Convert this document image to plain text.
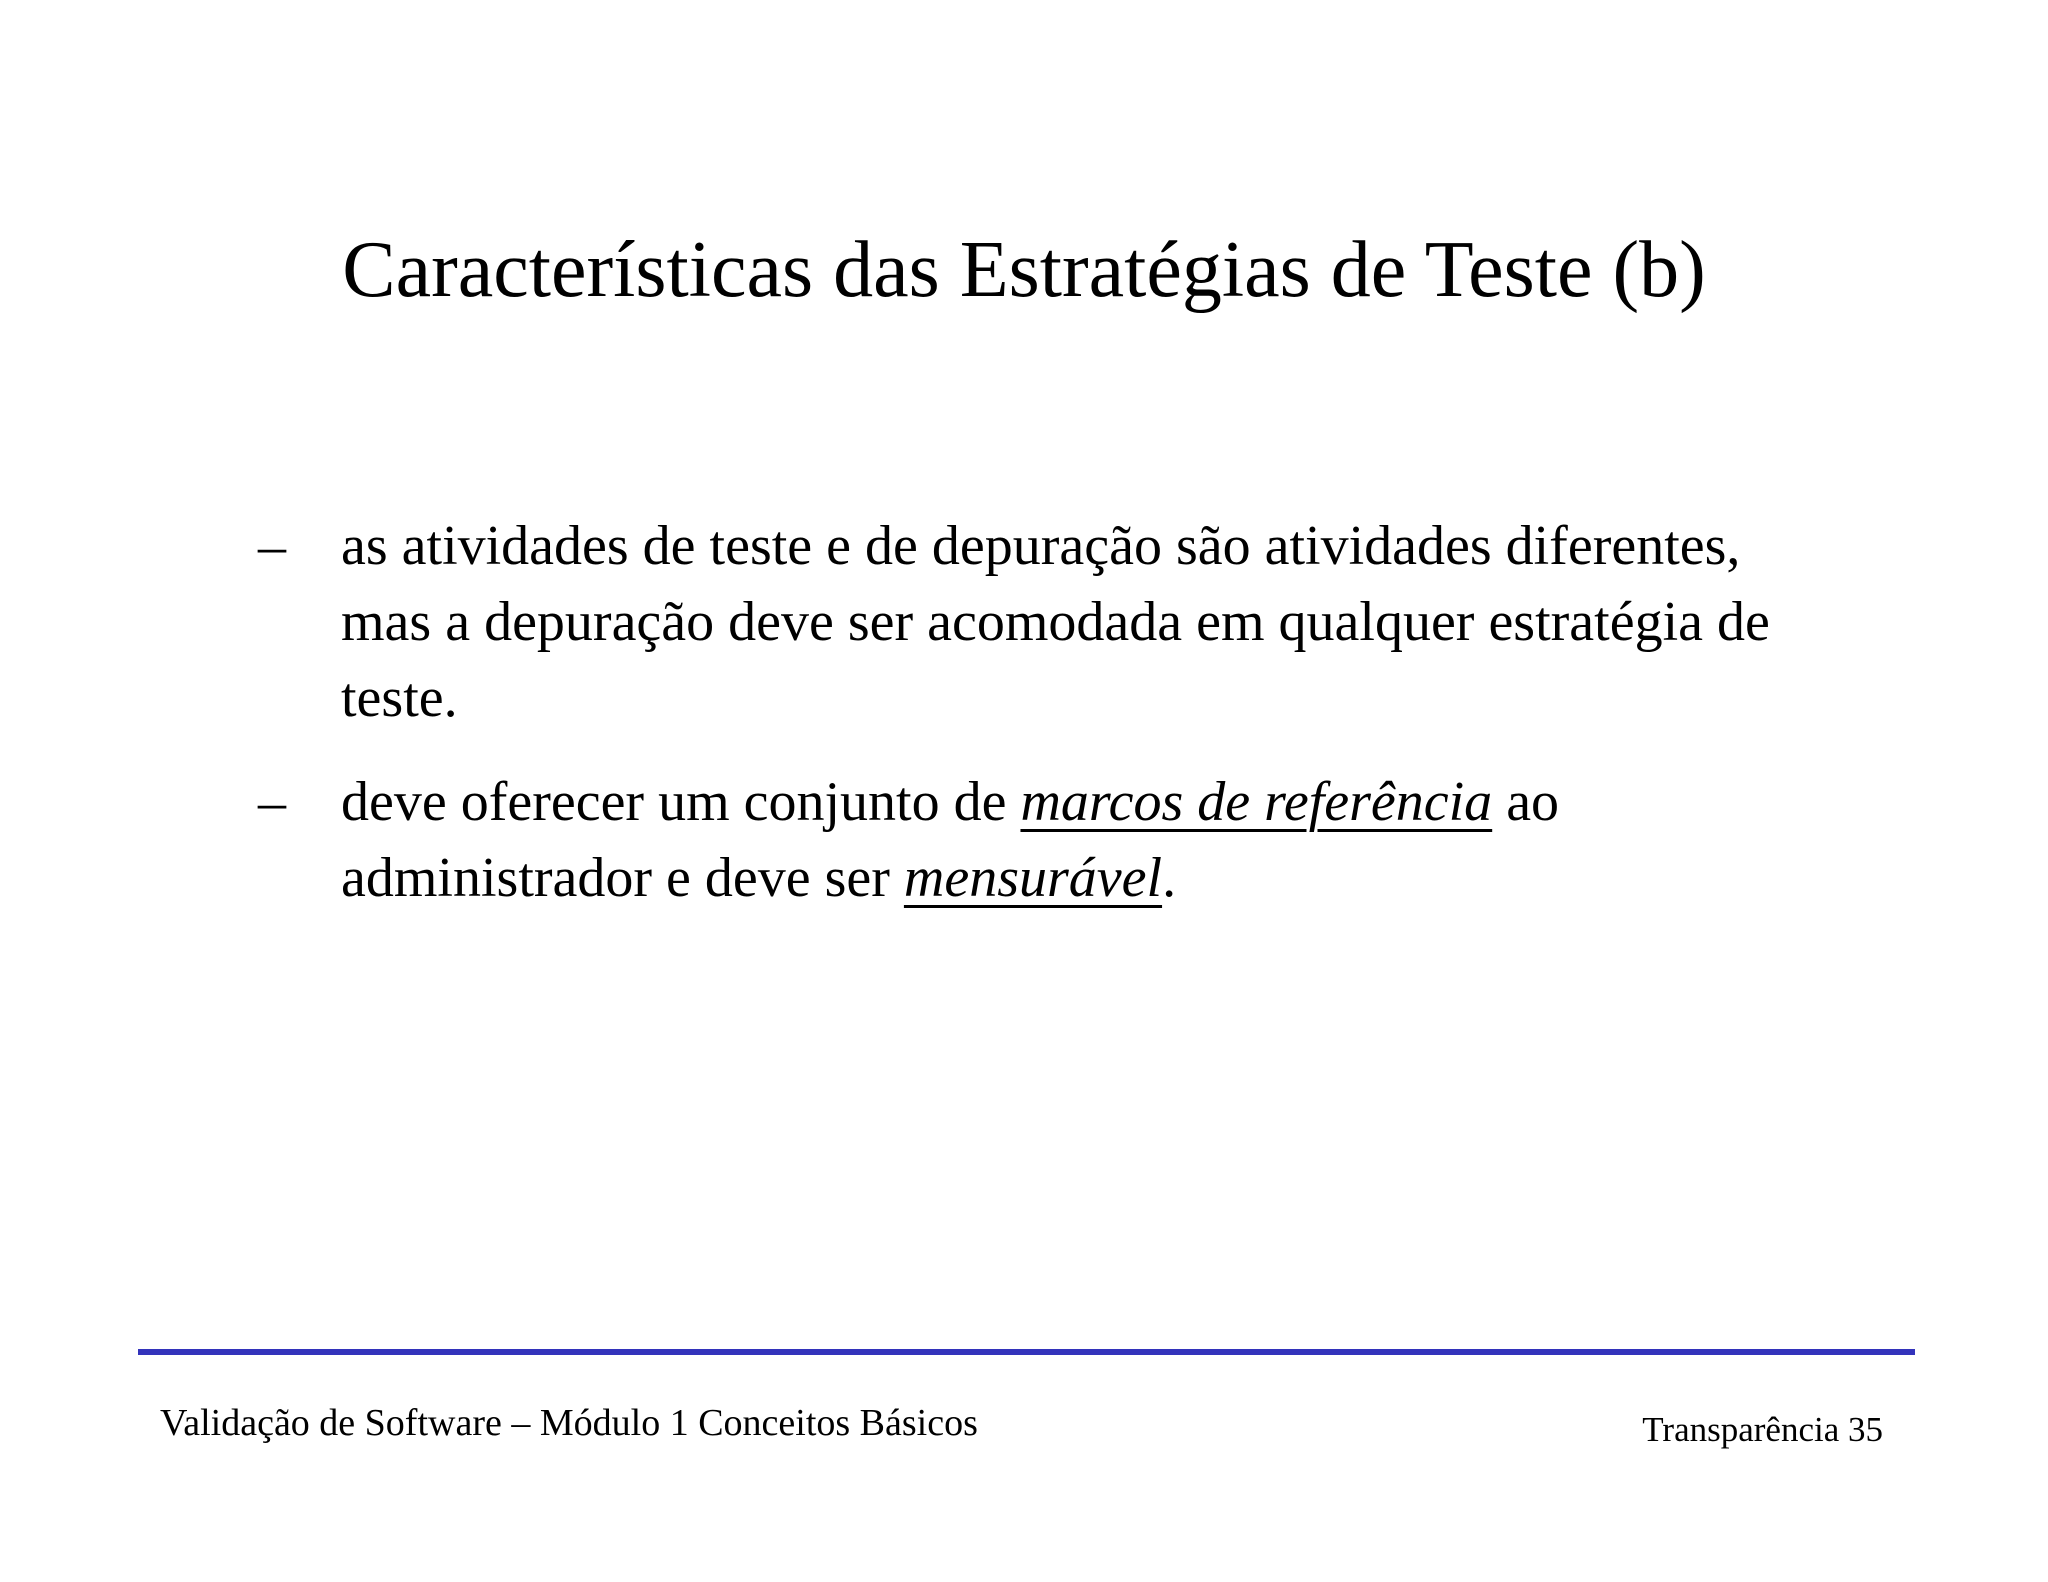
Características das Estratégias de Teste (b)
– as atividades de teste e de depuração são atividades diferentes, mas a depuração deve ser acomodada em qualquer estratégia de teste.
– deve oferecer um conjunto de marcos de referência ao administrador e deve ser mensurável.
Validação de Software – Módulo 1 Conceitos Básicos	Transparência 35
